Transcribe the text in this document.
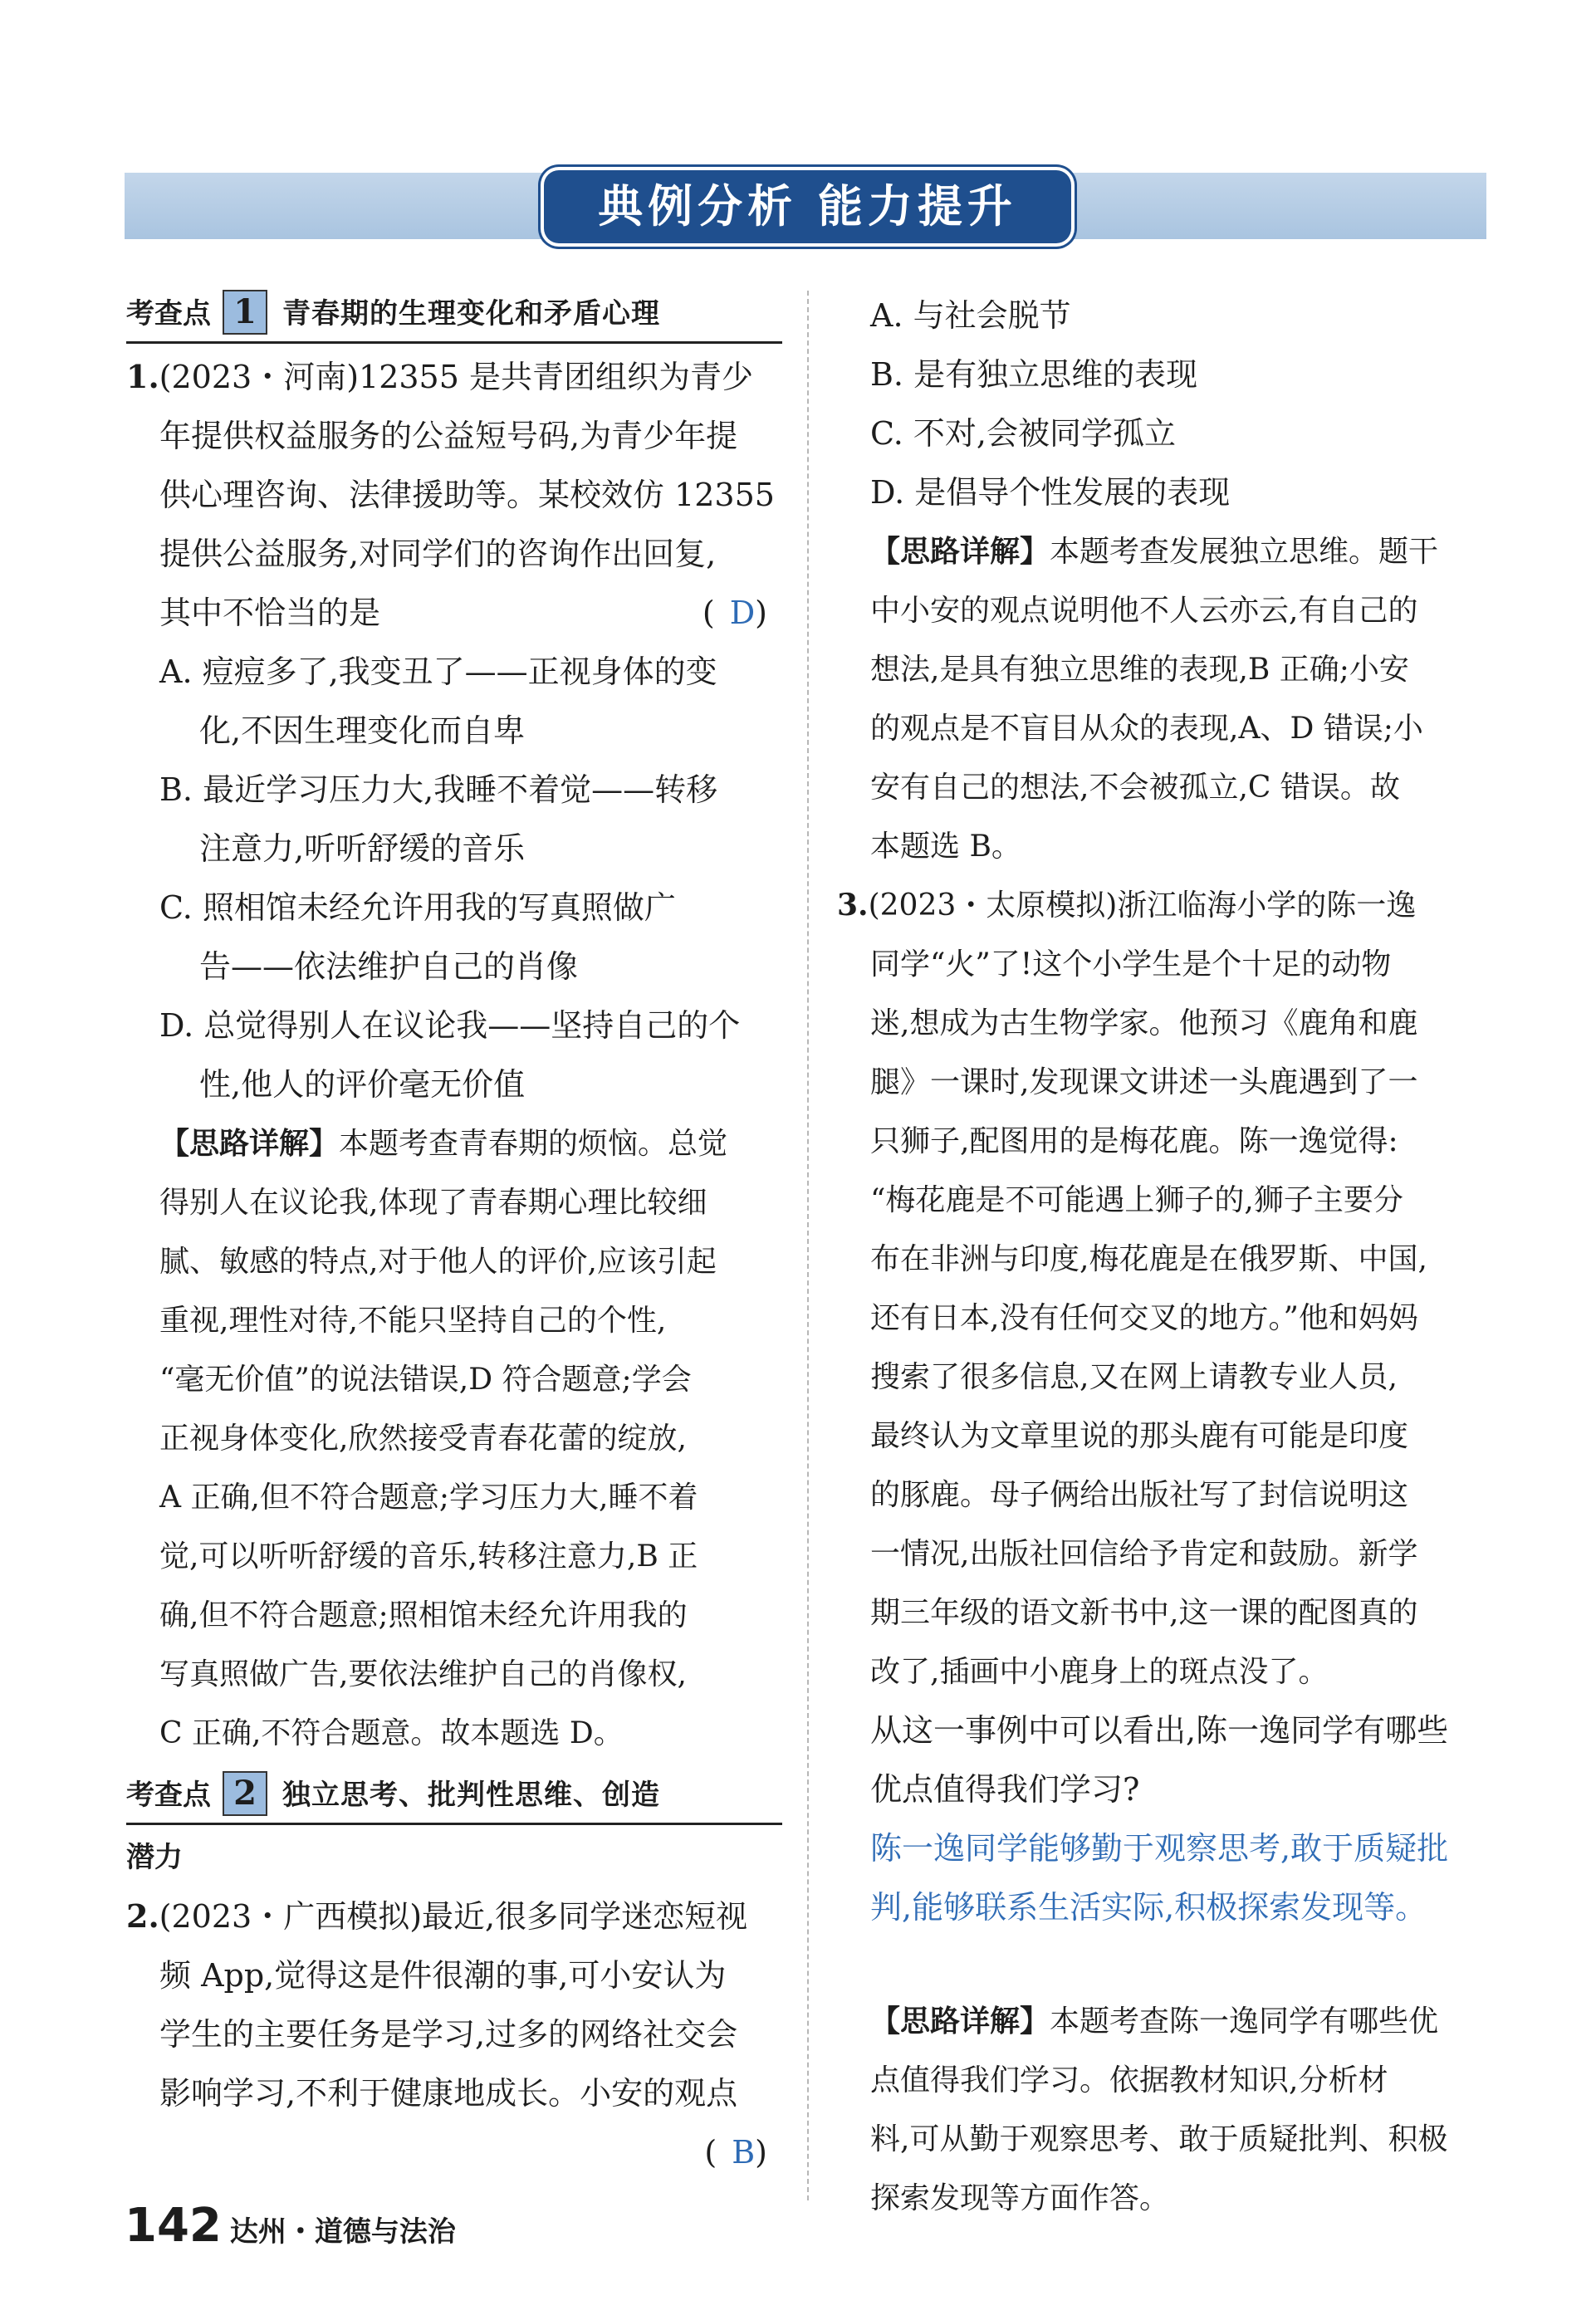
典例分析 能力提升
考查点 1 青春期的生理变化和矛盾心理
1.(2023・河南)12355 是共青团组织为青少
年提供权益服务的公益短号码,为青少年提
供心理咨询、法律援助等。某校效仿 12355
提供公益服务,对同学们的咨询作出回复,
其中不恰当的是	(D)
A. 痘痘多了,我变丑了——正视身体的变
化,不因生理变化而自卑
B. 最近学习压力大,我睡不着觉——转移
注意力,听听舒缓的音乐
C. 照相馆未经允许用我的写真照做广
告——依法维护自己的肖像
D. 总觉得别人在议论我——坚持自己的个
性,他人的评价毫无价值
【思路详解】本题考查青春期的烦恼。总觉
得别人在议论我,体现了青春期心理比较细
腻、敏感的特点,对于他人的评价,应该引起
重视,理性对待,不能只坚持自己的个性,
“毫无价值”的说法错误,D 符合题意;学会
正视身体变化,欣然接受青春花蕾的绽放,
A 正确,但不符合题意;学习压力大,睡不着
觉,可以听听舒缓的音乐,转移注意力,B 正
确,但不符合题意;照相馆未经允许用我的
写真照做广告,要依法维护自己的肖像权,
C 正确,不符合题意。故本题选 D。
考查点 2 独立思考、批判性思维、创造
潜力
2.(2023・广西模拟)最近,很多同学迷恋短视
频 App,觉得这是件很潮的事,可小安认为
学生的主要任务是学习,过多的网络社交会
影响学习,不利于健康地成长。小安的观点
(B)
A. 与社会脱节
B. 是有独立思维的表现
C. 不对,会被同学孤立
D. 是倡导个性发展的表现
【思路详解】本题考查发展独立思维。题干
中小安的观点说明他不人云亦云,有自己的
想法,是具有独立思维的表现,B 正确;小安
的观点是不盲目从众的表现,A、D 错误;小
安有自己的想法,不会被孤立,C 错误。故
本题选 B。
3.(2023・太原模拟)浙江临海小学的陈一逸
同学“火”了!这个小学生是个十足的动物
迷,想成为古生物学家。他预习《鹿角和鹿
腿》一课时,发现课文讲述一头鹿遇到了一
只狮子,配图用的是梅花鹿。陈一逸觉得:
“梅花鹿是不可能遇上狮子的,狮子主要分
布在非洲与印度,梅花鹿是在俄罗斯、中国,
还有日本,没有任何交叉的地方。”他和妈妈
搜索了很多信息,又在网上请教专业人员,
最终认为文章里说的那头鹿有可能是印度
的豚鹿。母子俩给出版社写了封信说明这
一情况,出版社回信给予肯定和鼓励。新学
期三年级的语文新书中,这一课的配图真的
改了,插画中小鹿身上的斑点没了。
从这一事例中可以看出,陈一逸同学有哪些
优点值得我们学习?
陈一逸同学能够勤于观察思考,敢于质疑批
判,能够联系生活实际,积极探索发现等。
【思路详解】本题考查陈一逸同学有哪些优
点值得我们学习。依据教材知识,分析材
料,可从勤于观察思考、敢于质疑批判、积极
探索发现等方面作答。
142 达州・道德与法治
